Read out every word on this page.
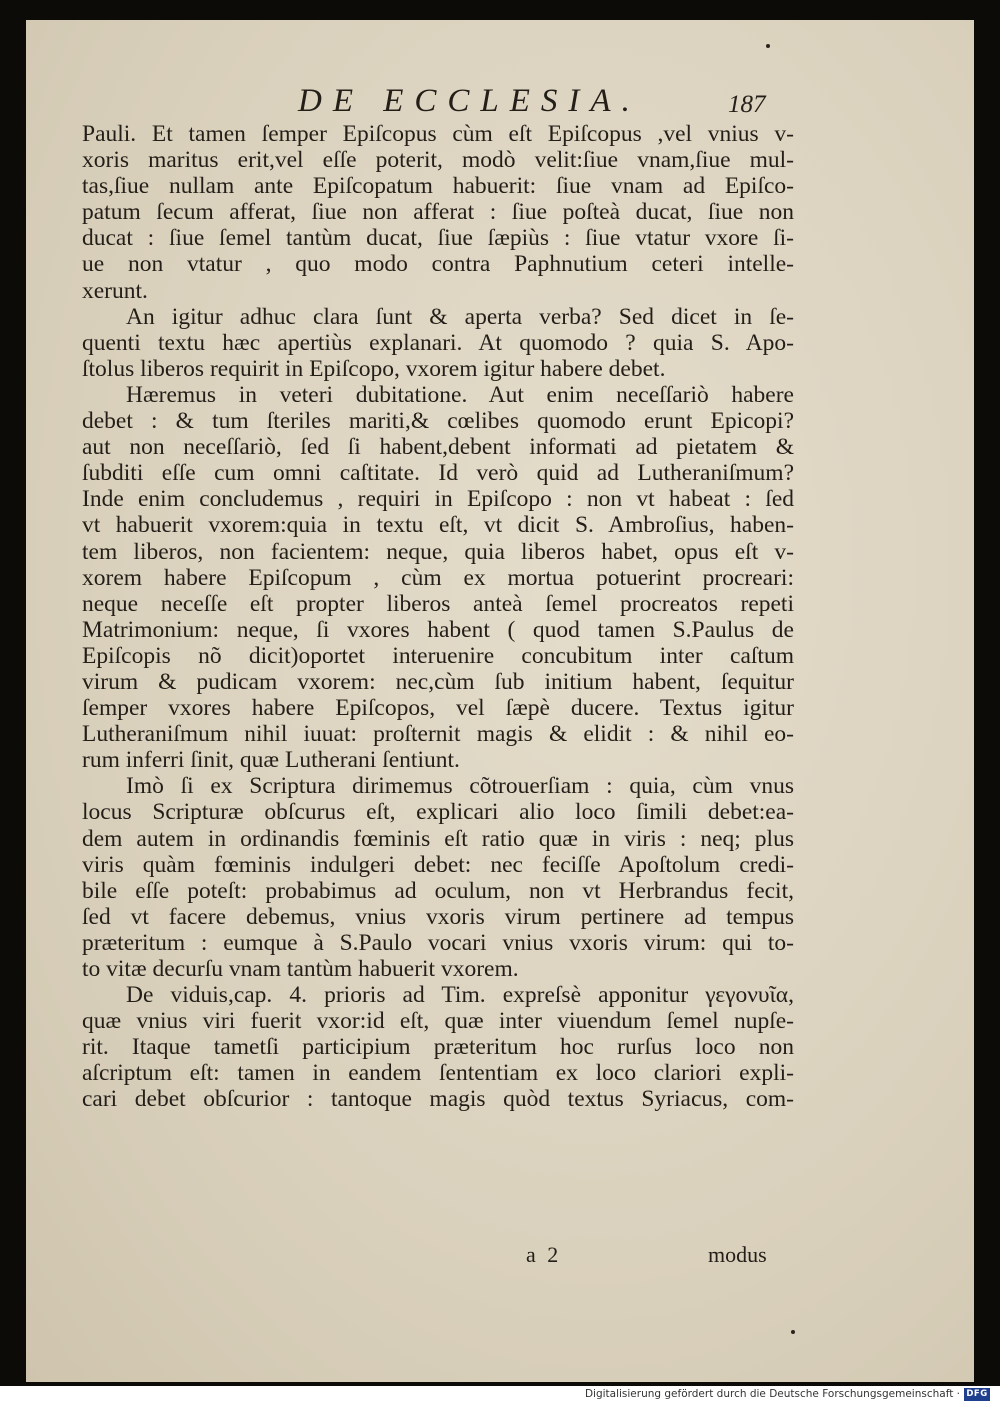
DE ECCLESIA.	187
Pauli. Et tamen ſemper Epiſcopus cùm eſt Epiſcopus ,vel vnius v-
xoris maritus erit,vel eſſe poterit, modò velit:ſiue vnam,ſiue mul-
tas,ſiue nullam ante Epiſcopatum habuerit: ſiue vnam ad Epiſco-
patum ſecum afferat, ſiue non afferat : ſiue poſteà ducat, ſiue non
ducat : ſiue ſemel tantùm ducat, ſiue ſæpiùs : ſiue vtatur vxore ſi-
ue non vtatur , quo modo contra Paphnutium ceteri intelle-
xerunt.
An igitur adhuc clara ſunt & aperta verba? Sed dicet in ſe-
quenti textu hæc apertiùs explanari. At quomodo ? quia S. Apo-
ſtolus liberos requirit in Epiſcopo, vxorem igitur habere debet.
Hæremus in veteri dubitatione. Aut enim neceſſariò habere
debet : & tum ſteriles mariti,& cœlibes quomodo erunt Epicopi?
aut non neceſſariò, ſed ſi habent,debent informati ad pietatem &
ſubditi eſſe cum omni caſtitate. Id verò quid ad Lutheraniſmum?
Inde enim concludemus , requiri in Epiſcopo : non vt habeat : ſed
vt habuerit vxorem:quia in textu eſt, vt dicit S. Ambroſius, haben-
tem liberos, non facientem: neque, quia liberos habet, opus eſt v-
xorem habere Epiſcopum , cùm ex mortua potuerint procreari:
neque neceſſe eſt propter liberos anteà ſemel procreatos repeti
Matrimonium: neque, ſi vxores habent ( quod tamen S.Paulus de
Epiſcopis nõ dicit)oportet interuenire concubitum inter caſtum
virum & pudicam vxorem: nec,cùm ſub initium habent, ſequitur
ſemper vxores habere Epiſcopos, vel ſæpè ducere. Textus igitur
Lutheraniſmum nihil iuuat: proſternit magis & elidit : & nihil eo-
rum inferri ſinit, quæ Lutherani ſentiunt.
Imò ſi ex Scriptura dirimemus cõtrouerſiam : quia, cùm vnus
locus Scripturæ obſcurus eſt, explicari alio loco ſimili debet:ea-
dem autem in ordinandis fœminis eſt ratio quæ in viris : neq; plus
viris quàm fœminis indulgeri debet: nec feciſſe Apoſtolum credi-
bile eſſe poteſt: probabimus ad oculum, non vt Herbrandus fecit,
ſed vt facere debemus, vnius vxoris virum pertinere ad tempus
præteritum : eumque à S.Paulo vocari vnius vxoris virum: qui to-
to vitæ decurſu vnam tantùm habuerit vxorem.
De viduis,cap. 4. prioris ad Tim. expreſsè apponitur γεγονυῖα,
quæ vnius viri fuerit vxor:id eſt, quæ inter viuendum ſemel nupſe-
rit. Itaque tametſi participium præteritum hoc rurſus loco non
aſcriptum eſt: tamen in eandem ſententiam ex loco clariori expli-
cari debet obſcurior : tantoque magis quòd textus Syriacus, com-
a 2	modus
Digitalisierung gefördert durch die Deutsche Forschungsgemeinschaft · DFG
